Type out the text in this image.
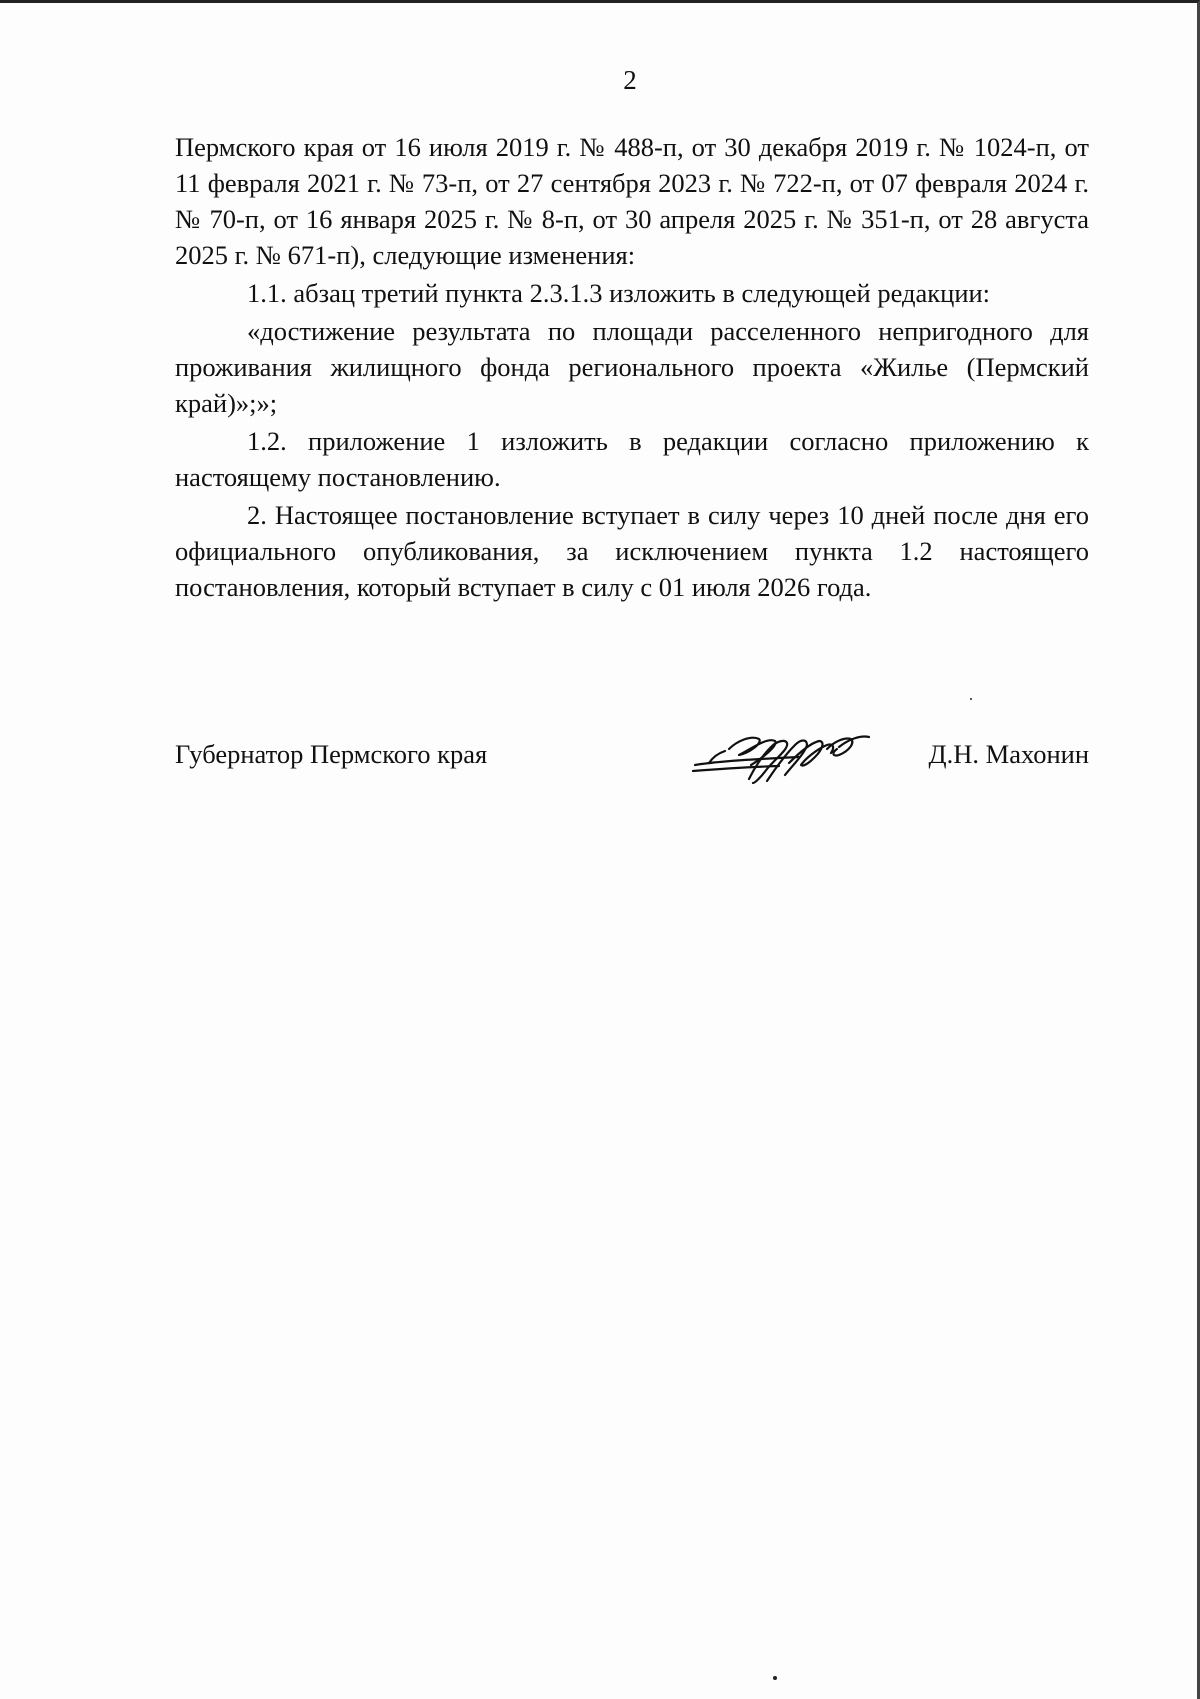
2

Пермского края от 16 июля 2019 г. № 488-п, от 30 декабря 2019 г. № 1024-п, от 11 февраля 2021 г. № 73-п, от 27 сентября 2023 г. № 722-п, от 07 февраля 2024 г. № 70-п, от 16 января 2025 г. № 8-п, от 30 апреля 2025 г. № 351-п, от 28 августа 2025 г. № 671-п), следующие изменения:

1.1. абзац третий пункта 2.3.1.3 изложить в следующей редакции:

«достижение результата по площади расселенного непригодного для проживания жилищного фонда регионального проекта «Жилье (Пермский край)»;»;

1.2. приложение 1 изложить в редакции согласно приложению к настоящему постановлению.

2. Настоящее постановление вступает в силу через 10 дней после дня его официального опубликования, за исключением пункта 1.2 настоящего постановления, который вступает в силу с 01 июля 2026 года.

Губернатор Пермского края	Д.Н. Махонин
